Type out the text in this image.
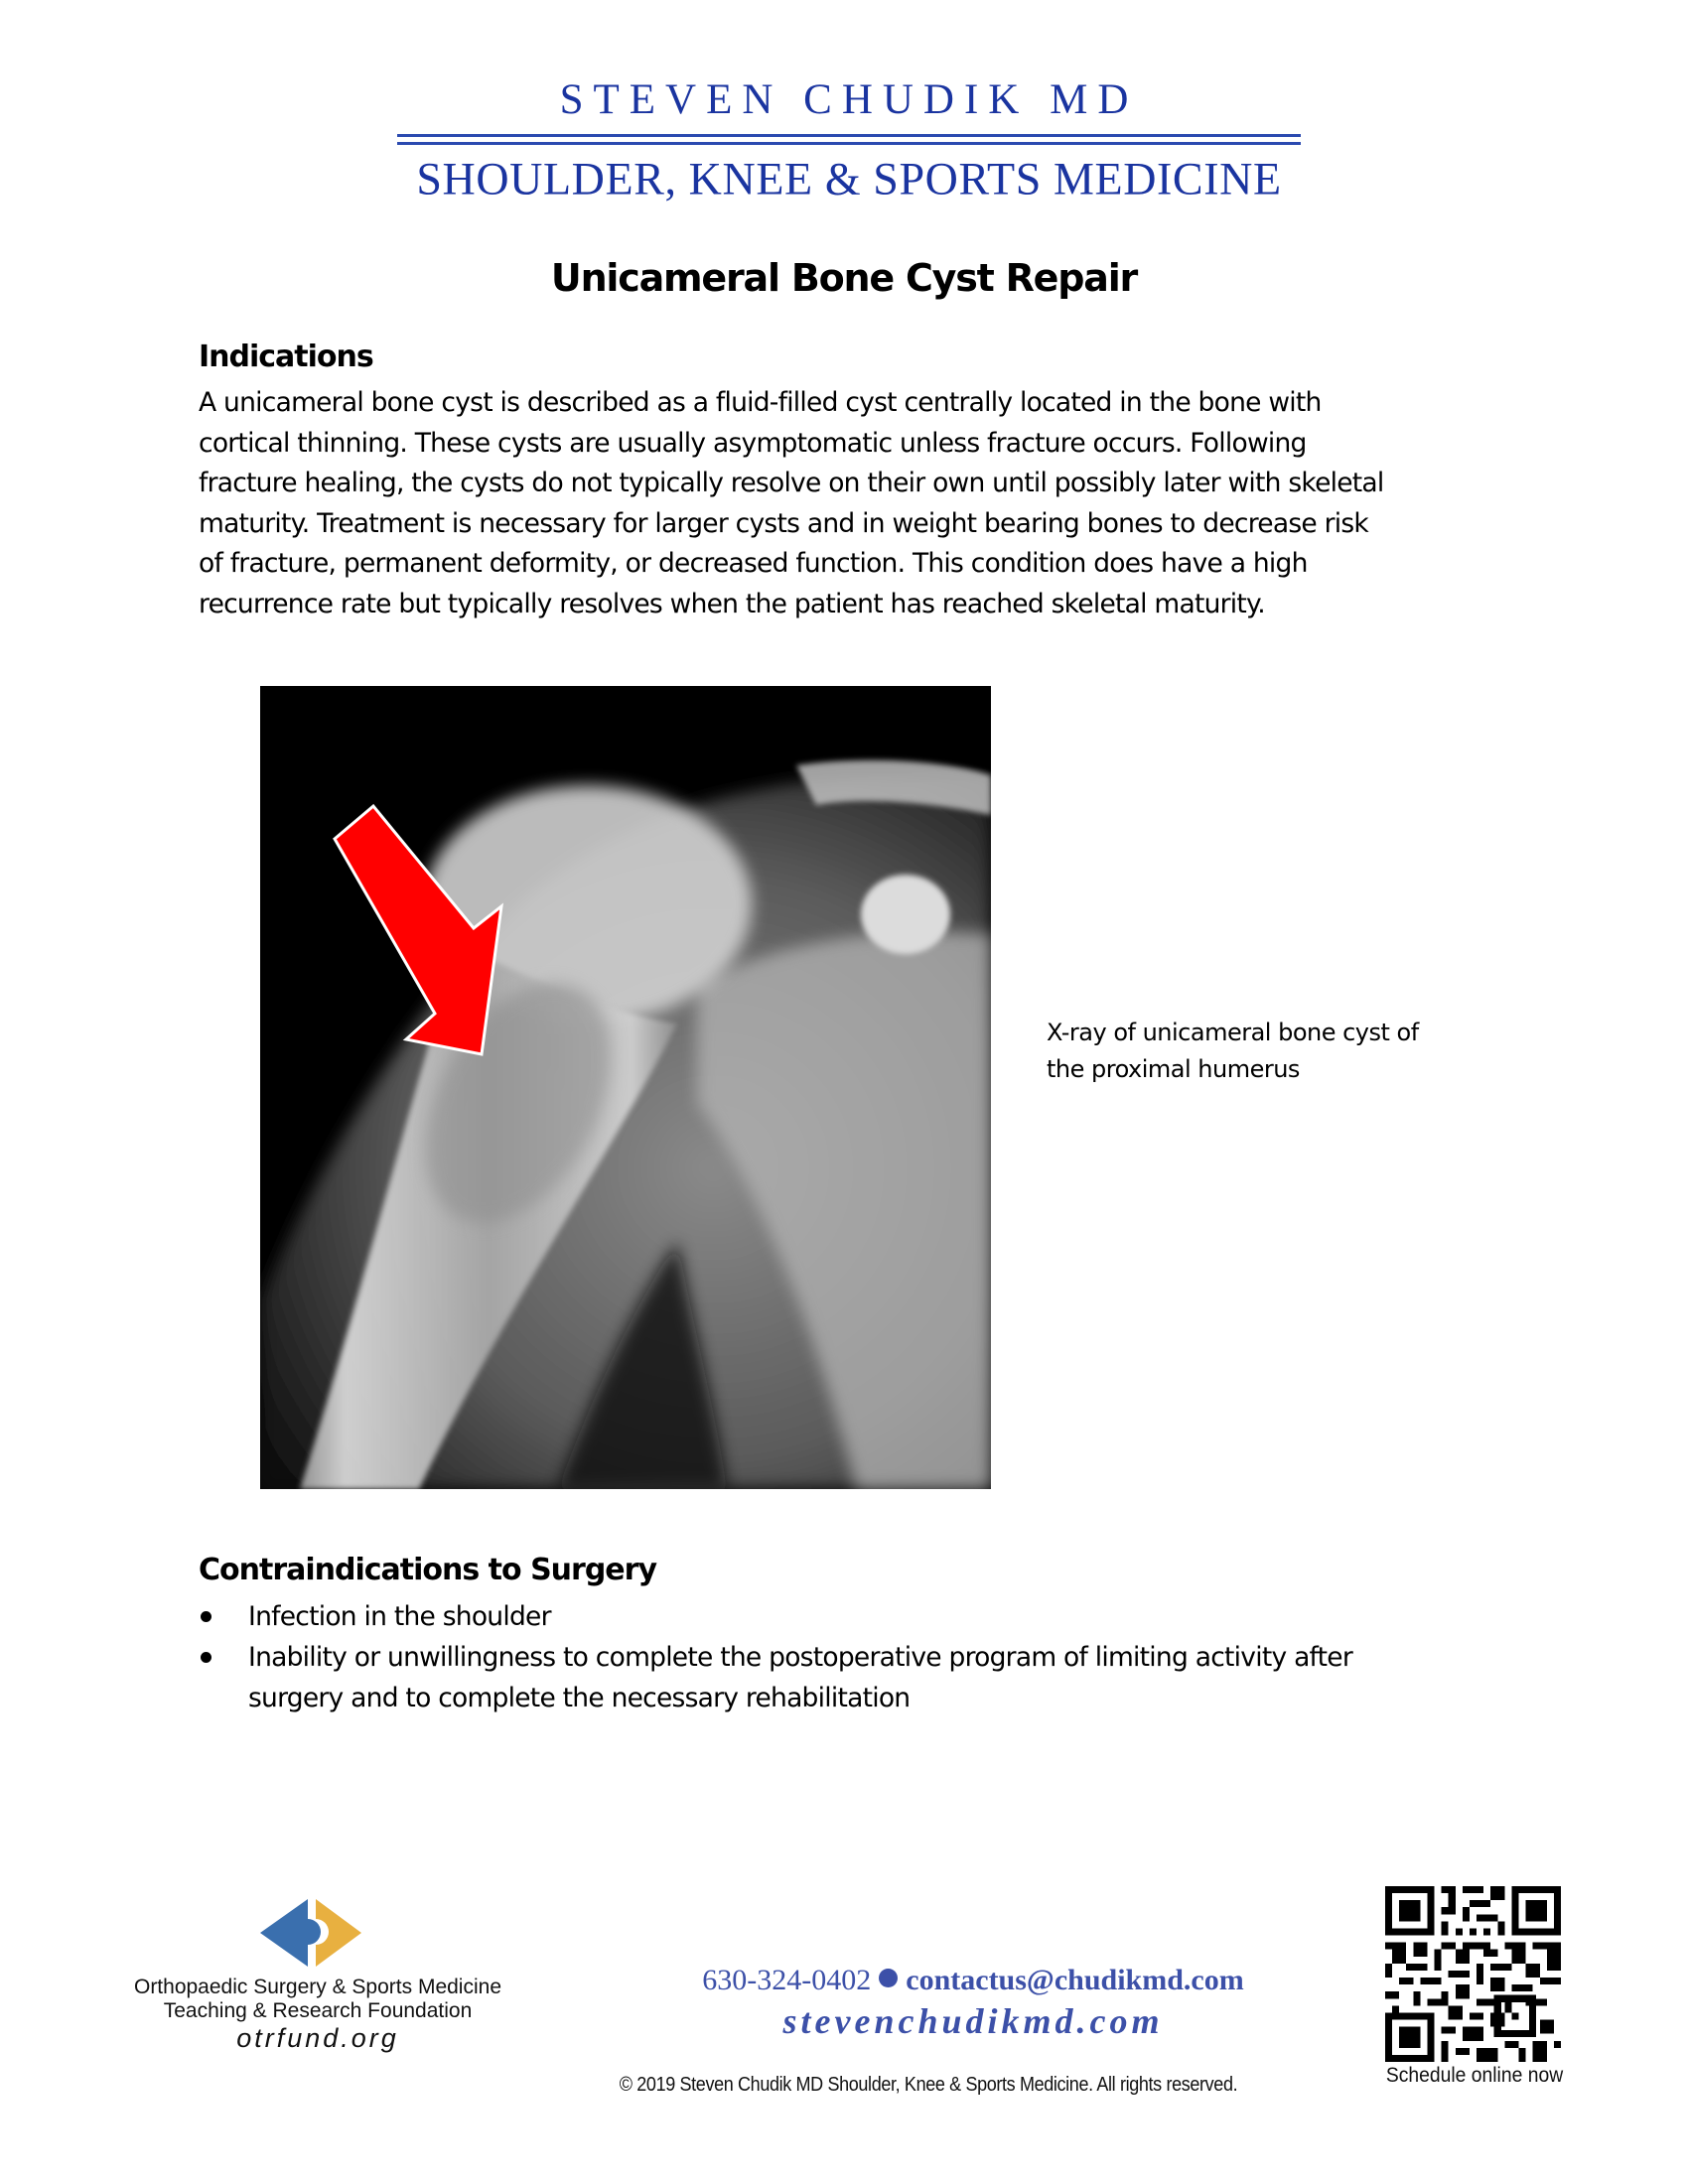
STEVEN CHUDIK MD
SHOULDER, KNEE & SPORTS MEDICINE
Unicameral Bone Cyst Repair
Indications
A unicameral bone cyst is described as a fluid-filled cyst centrally located in the bone with
cortical thinning. These cysts are usually asymptomatic unless fracture occurs. Following
fracture healing, the cysts do not typically resolve on their own until possibly later with skeletal
maturity. Treatment is necessary for larger cysts and in weight bearing bones to decrease risk
of fracture, permanent deformity, or decreased function. This condition does have a high
recurrence rate but typically resolves when the patient has reached skeletal maturity.
X-ray of unicameral bone cyst of
the proximal humerus
Contraindications to Surgery
Infection in the shoulder
Inability or unwillingness to complete the postoperative program of limiting activity after
surgery and to complete the necessary rehabilitation
Orthopaedic Surgery & Sports Medicine
Teaching & Research Foundation
otrfund.org
630-324-0402 contactus@chudikmd.com
stevenchudikmd.com
© 2019 Steven Chudik MD Shoulder, Knee & Sports Medicine. All rights reserved.	Schedule online now
